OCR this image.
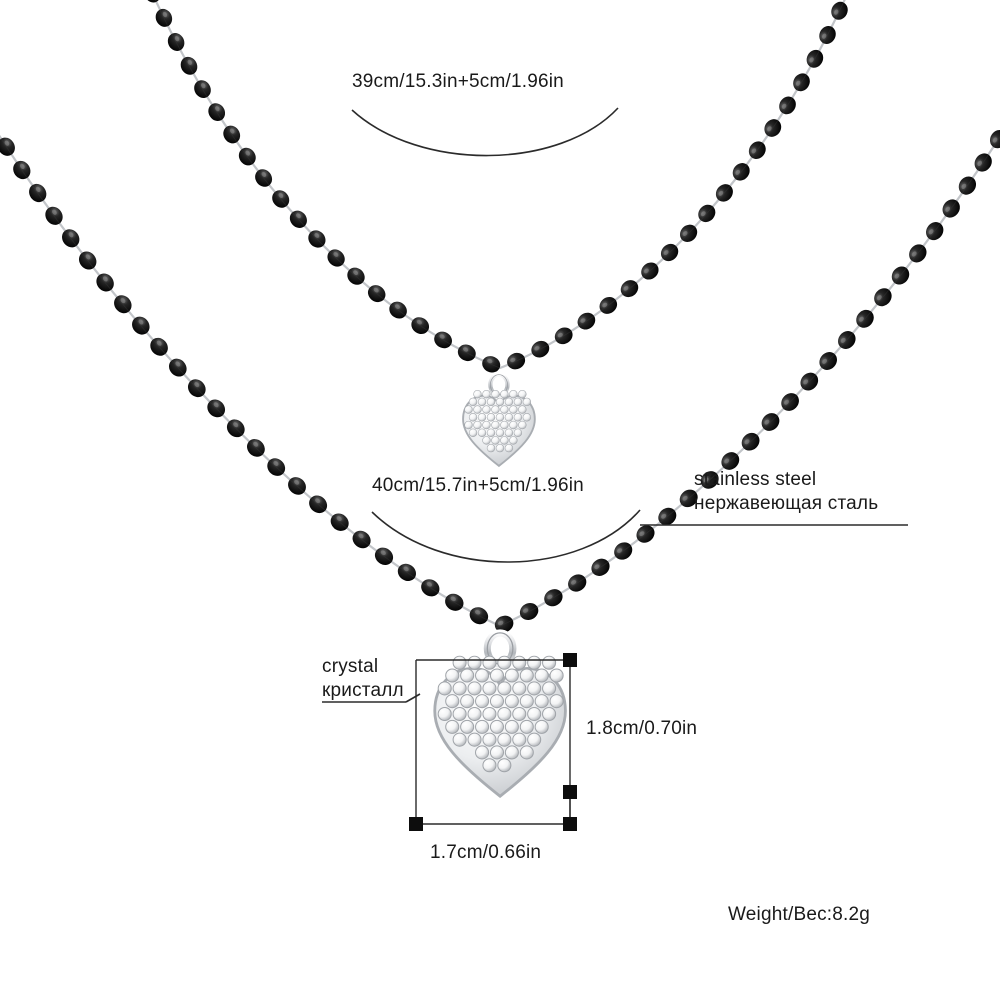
39cm/15.3in+5cm/1.96in
40cm/15.7in+5cm/1.96in	stainless steel
нержавеющая сталь
crystal
кристалл
1.8cm/0.70in
1.7cm/0.66in
Weight/Bec:8.2g
